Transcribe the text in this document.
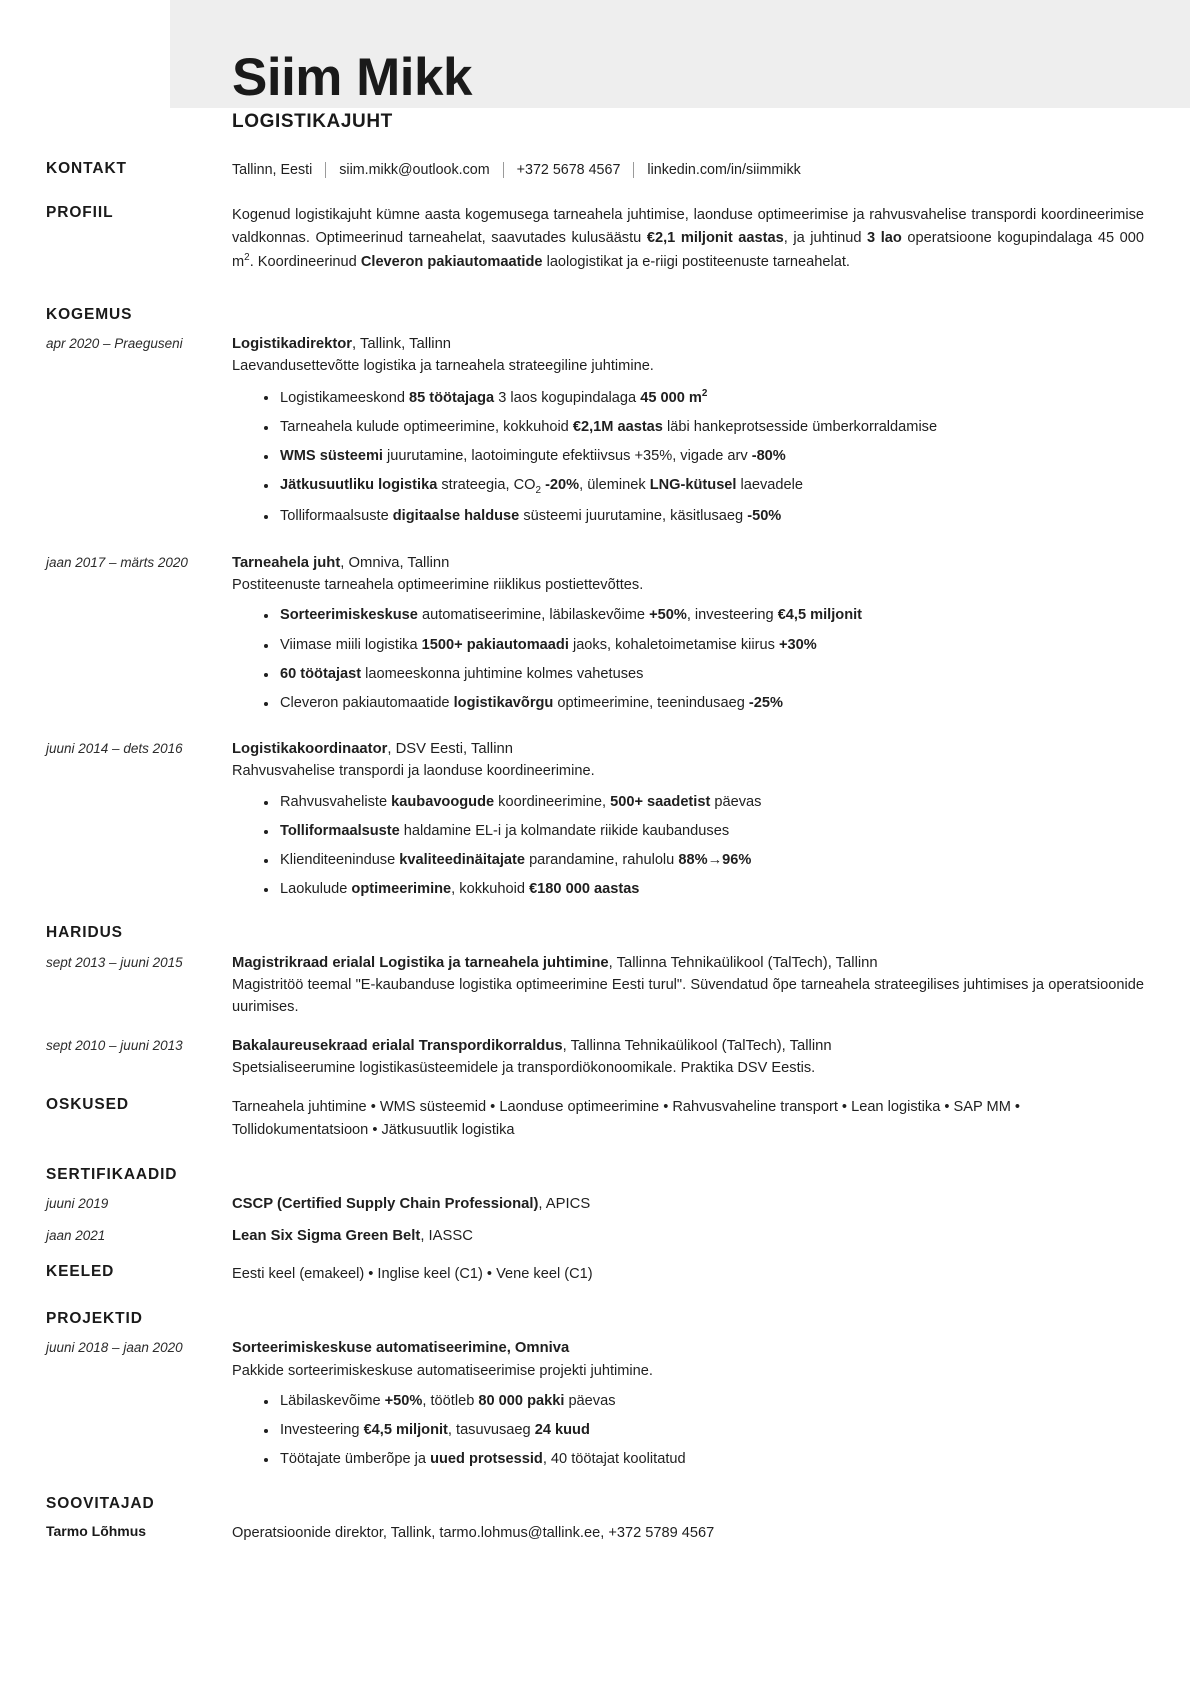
Siim Mikk
LOGISTIKAJUHT
KONTAKT	Tallinn, Eesti siim.mikk@outlook.com +372 5678 4567 linkedin.com/in/siimmikk
PROFIIL	Kogenud logistikajuht kümne aasta kogemusega tarneahela juhtimise, laonduse optimeerimise ja rahvusvahelise transpordi koordineerimise valdkonnas. Optimeerinud tarneahelat, saavutades kulusäästu €2,1 miljonit aastas, ja juhtinud 3 lao operatsioone kogupindalaga 45 000 $m^2$. Koordineerinud Cleveron pakiautomaatide laologistikat ja e-riigi postiteenuste tarneahelat.
KOGEMUS
apr 2020 – Praeguseni	Logistikadirektor, Tallink, Tallinn
Laevandusettevõtte logistika ja tarneahela strateegiline juhtimine.
Logistikameeskond 85 töötajaga 3 laos kogupindalaga 45 000 $m^2$
Tarneahela kulude optimeerimine, kokkuhoid €2,1M aastas läbi hankeprotsesside ümberkorraldamise
WMS süsteemi juurutamine, laotoimingute efektiivsus +35%, vigade arv -80%
Jätkusuutliku logistika strateegia, $CO_2$ -20%, üleminek LNG-kütusel laevadele
Tolliformaalsuste digitaalse halduse süsteemi juurutamine, käsitlusaeg -50%
jaan 2017 – märts 2020	Tarneahela juht, Omniva, Tallinn
Postiteenuste tarneahela optimeerimine riiklikus postiettevõttes.
Sorteerimiskeskuse automatiseerimine, läbilaskevõime +50%, investeering €4,5 miljonit
Viimase miili logistika 1500+ pakiautomaadi jaoks, kohaletoimetamise kiirus +30%
60 töötajast laomeeskonna juhtimine kolmes vahetuses
Cleveron pakiautomaatide logistikavõrgu optimeerimine, teenindusaeg -25%
juuni 2014 – dets 2016	Logistikakoordinaator, DSV Eesti, Tallinn
Rahvusvahelise transpordi ja laonduse koordineerimine.
Rahvusvaheliste kaubavoogude koordineerimine, 500+ saadetist päevas
Tolliformaalsuste haldamine EL-i ja kolmandate riikide kaubanduses
Klienditeeninduse kvaliteedinäitajate parandamine, rahulolu 88%→96%
Laokulude optimeerimine, kokkuhoid €180 000 aastas
HARIDUS
sept 2013 – juuni 2015	Magistrikraad erialal Logistika ja tarneahela juhtimine, Tallinna Tehnikaülikool (TalTech), Tallinn
Magistritöö teemal "E-kaubanduse logistika optimeerimine Eesti turul". Süvendatud õpe tarneahela strateegilises juhtimises ja operatsioonide uurimises.
sept 2010 – juuni 2013	Bakalaureusekraad erialal Transpordikorraldus, Tallinna Tehnikaülikool (TalTech), Tallinn
Spetsialiseerumine logistikasüsteemidele ja transpordiökonoomikale. Praktika DSV Eestis.
OSKUSED	Tarneahela juhtimine • WMS süsteemid • Laonduse optimeerimine • Rahvusvaheline transport • Lean logistika • SAP MM • Tollidokumentatsioon • Jätkusuutlik logistika
SERTIFIKAADID
juuni 2019	CSCP (Certified Supply Chain Professional), APICS
jaan 2021	Lean Six Sigma Green Belt, IASSC
KEELED	Eesti keel (emakeel) • Inglise keel (C1) • Vene keel (C1)
PROJEKTID
juuni 2018 – jaan 2020	Sorteerimiskeskuse automatiseerimine, Omniva
Pakkide sorteerimiskeskuse automatiseerimise projekti juhtimine.
Läbilaskevõime +50%, töötleb 80 000 pakki päevas
Investeering €4,5 miljonit, tasuvusaeg 24 kuud
Töötajate ümberõpe ja uued protsessid, 40 töötajat koolitatud
SOOVITAJAD
Tarmo Lõhmus	Operatsioonide direktor, Tallink, tarmo.lohmus@tallink.ee, +372 5789 4567
